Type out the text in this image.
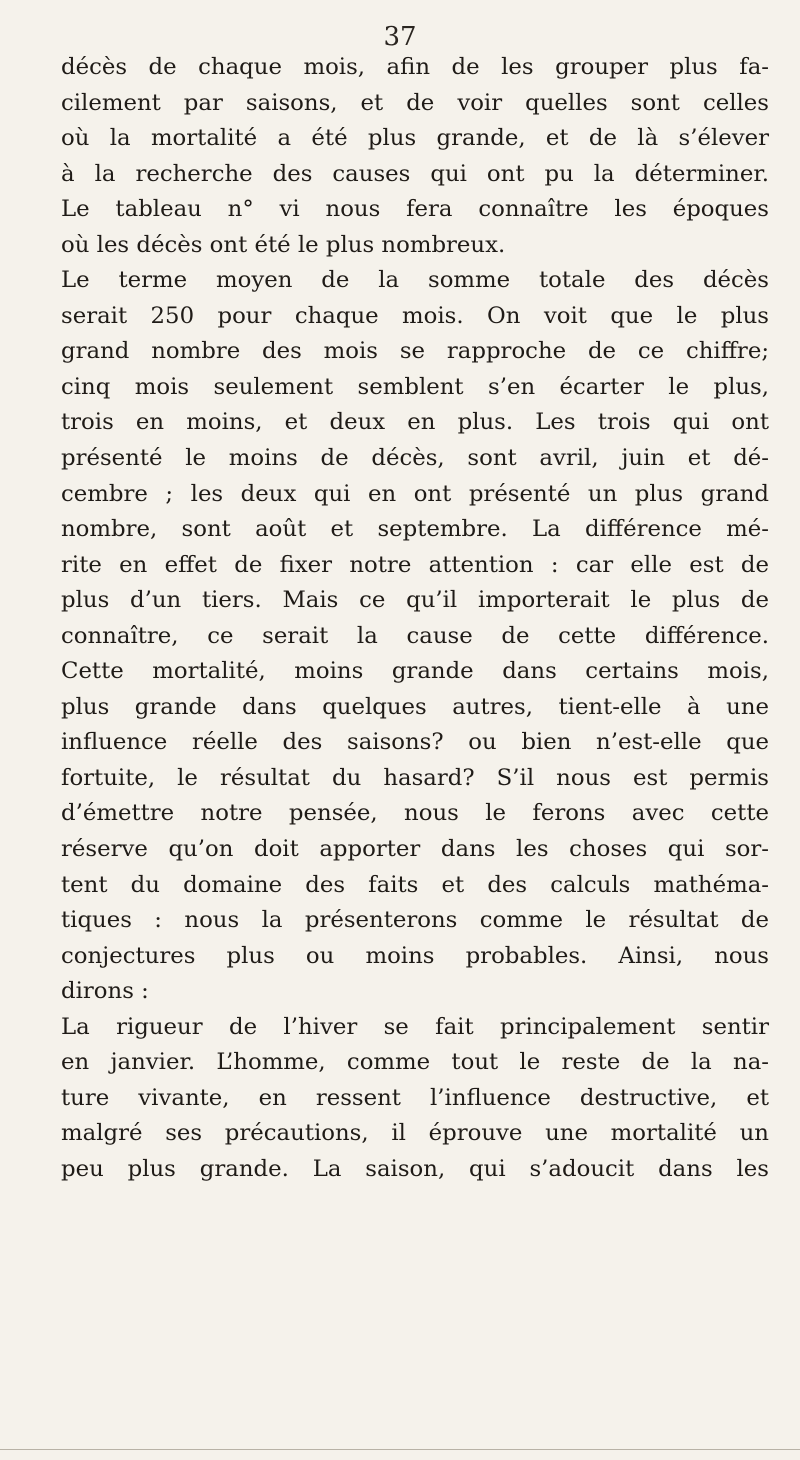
37
décès de chaque mois, afin de les grouper plus fa-
cilement par saisons, et de voir quelles sont celles
où la mortalité a été plus grande, et de là s’élever
à la recherche des causes qui ont pu la déterminer.
Le tableau n° vi nous fera connaître les époques
où les décès ont été le plus nombreux.
Le terme moyen de la somme totale des décès
serait 250 pour chaque mois. On voit que le plus
grand nombre des mois se rapproche de ce chiffre;
cinq mois seulement semblent s’en écarter le plus,
trois en moins, et deux en plus. Les trois qui ont
présenté le moins de décès, sont avril, juin et dé-
cembre ; les deux qui en ont présenté un plus grand
nombre, sont août et septembre. La différence mé-
rite en effet de fixer notre attention : car elle est de
plus d’un tiers. Mais ce qu’il importerait le plus de
connaître, ce serait la cause de cette différence.
Cette mortalité, moins grande dans certains mois,
plus grande dans quelques autres, tient-elle à une
influence réelle des saisons? ou bien n’est-elle que
fortuite, le résultat du hasard? S’il nous est permis
d’émettre notre pensée, nous le ferons avec cette
réserve qu’on doit apporter dans les choses qui sor-
tent du domaine des faits et des calculs mathéma-
tiques : nous la présenterons comme le résultat de
conjectures plus ou moins probables. Ainsi, nous
dirons :
La rigueur de l’hiver se fait principalement sentir
en janvier. L’homme, comme tout le reste de la na-
ture vivante, en ressent l’influence destructive, et
malgré ses précautions, il éprouve une mortalité un
peu plus grande. La saison, qui s’adoucit dans les
